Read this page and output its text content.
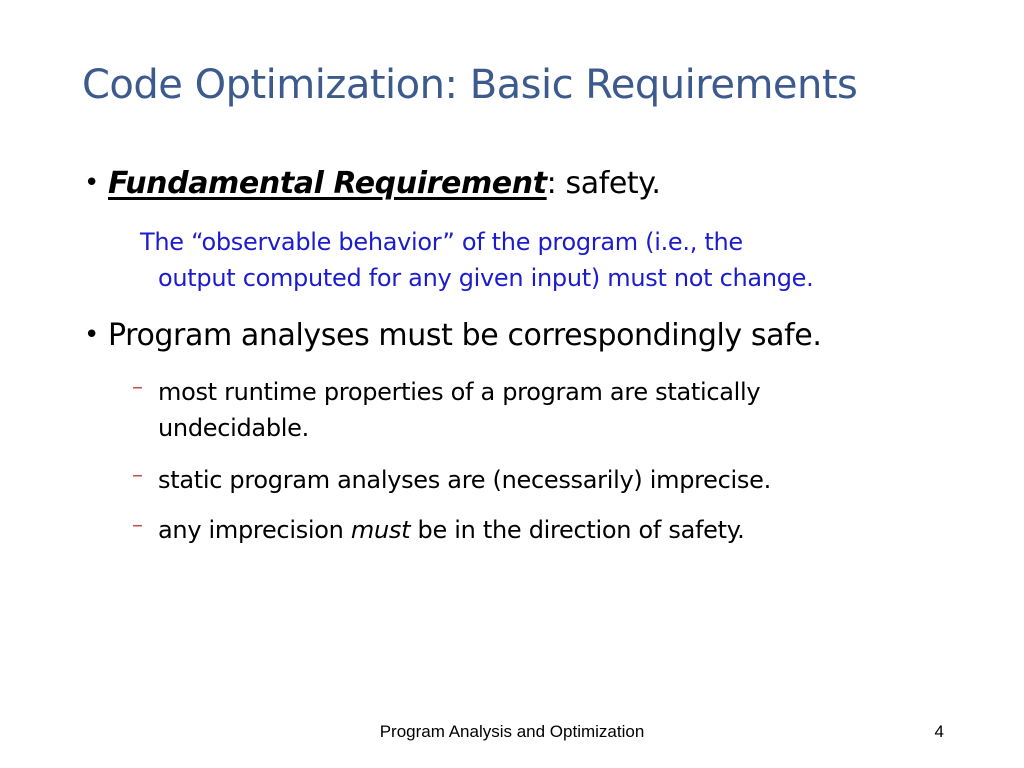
Code Optimization: Basic Requirements
• Fundamental Requirement: safety.
The “observable behavior” of the program (i.e., the
output computed for any given input) must not change.
• Program analyses must be correspondingly safe.
– most runtime properties of a program are statically
undecidable.
– static program analyses are (necessarily) imprecise.
– any imprecision must be in the direction of safety.
Program Analysis and Optimization	4
